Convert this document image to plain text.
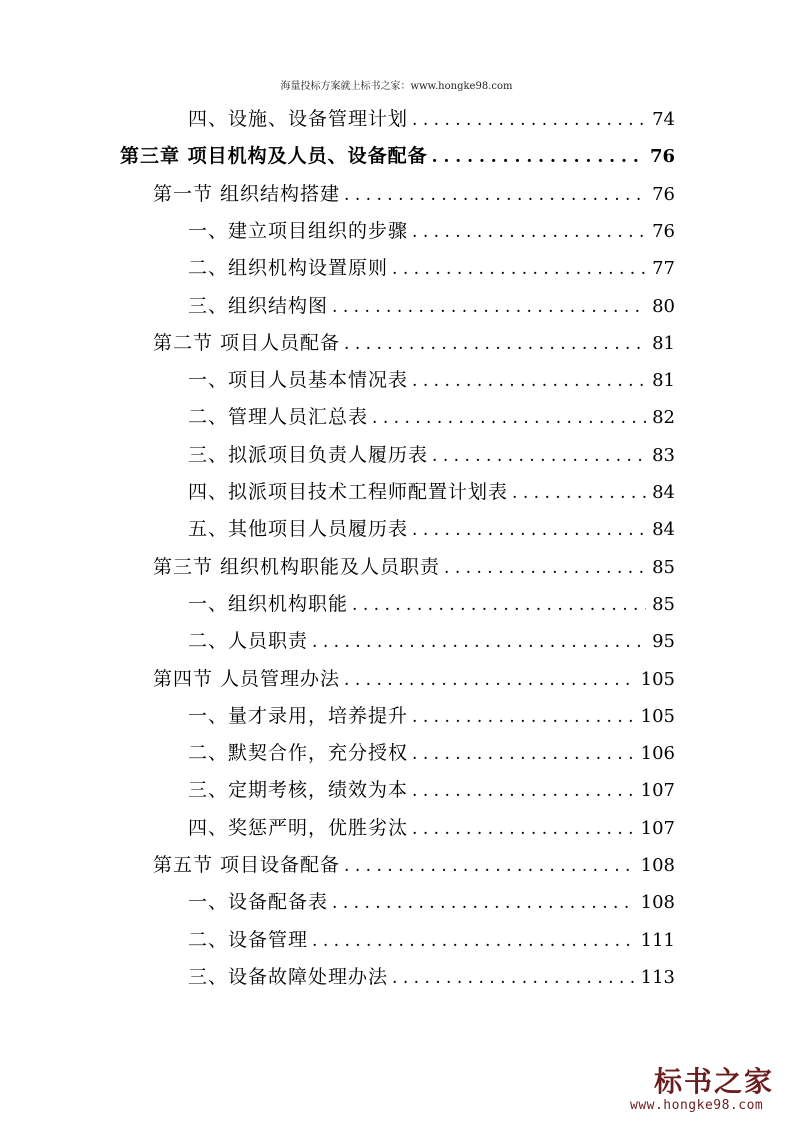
海量投标方案就上标书之家：www.hongke98.com
四、设施、设备管理计划 . . .	74
第三章 项目机构及人员、设备配备 . . .	76
第一节 组织结构搭建 . . .	76
一、建立项目组织的步骤 . . .	76
二、组织机构设置原则 . . .	77
三、组织结构图 . . .	80
第二节 项目人员配备 . . .	81
一、项目人员基本情况表 . . .	81
二、管理人员汇总表 . . .	82
三、拟派项目负责人履历表 . . .	83
四、拟派项目技术工程师配置计划表 . . .	84
五、其他项目人员履历表 . . .	84
第三节 组织机构职能及人员职责 . . .	85
一、组织机构职能 . . .	85
二、人员职责 . . .	95
第四节 人员管理办法 . . .	105
一、量才录用，培养提升 . . .	105
二、默契合作，充分授权 . . .	106
三、定期考核，绩效为本 . . .	107
四、奖惩严明，优胜劣汰 . . .	107
第五节 项目设备配备 . . .	108
一、设备配备表 . . .	108
二、设备管理 . . .	111
三、设备故障处理办法 . . .	113
标书之家
www.hongke98.com
